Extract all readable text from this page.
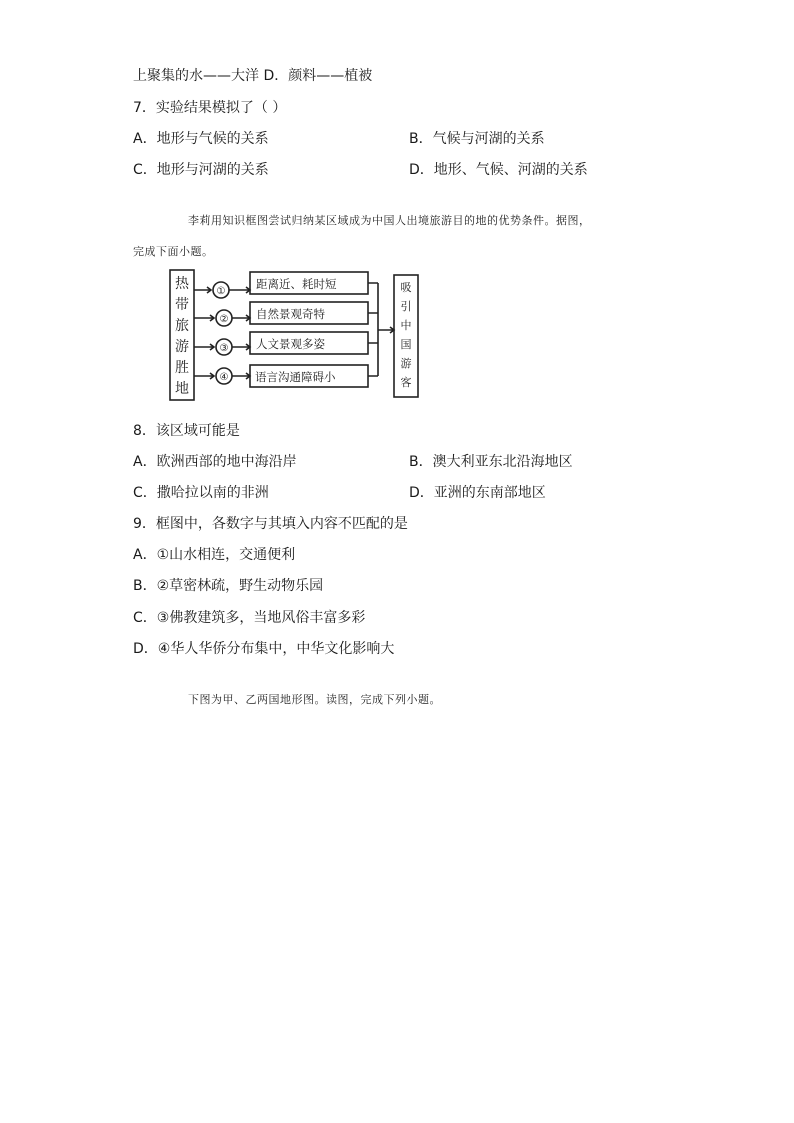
上聚集的水——大洋 D．颜料——植被
7．实验结果模拟了（ ）
A．地形与气候的关系	B．气候与河湖的关系
C．地形与河湖的关系	D．地形、气候、河湖的关系
李莉用知识框图尝试归纳某区域成为中国人出境旅游目的地的优势条件。据图，
完成下面小题。
热
带
旅
游
胜
地
①
②
③
④
距离近、耗时短
自然景观奇特
人文景观多姿
语言沟通障碍小
吸
引
中
国
游
客
8．该区域可能是
A．欧洲西部的地中海沿岸	B．澳大利亚东北沿海地区
C．撒哈拉以南的非洲	D．亚洲的东南部地区
9．框图中，各数字与其填入内容不匹配的是
A．①山水相连，交通便利
B．②草密林疏，野生动物乐园
C．③佛教建筑多，当地风俗丰富多彩
D．④华人华侨分布集中，中华文化影响大
下图为甲、乙两国地形图。读图，完成下列小题。
